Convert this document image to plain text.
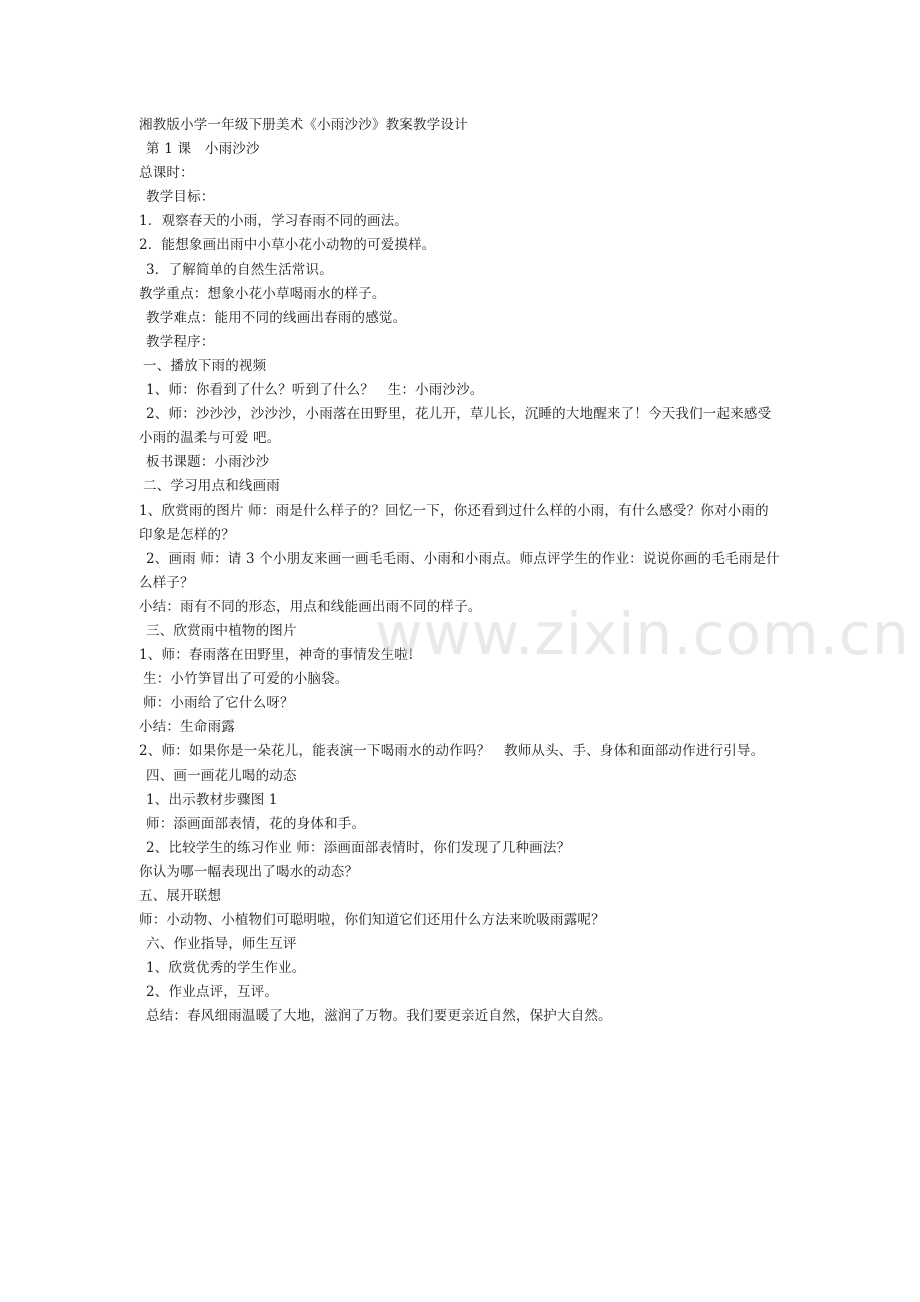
湘教版小学一年级下册美术《小雨沙沙》教案教学设计

第 1 课　小雨沙沙

总课时：

教学目标：

1．观察春天的小雨，学习春雨不同的画法。

2．能想象画出雨中小草小花小动物的可爱摸样。

3．了解简单的自然生活常识。

教学重点：想象小花小草喝雨水的样子。

教学难点：能用不同的线画出春雨的感觉。

教学程序：

一、播放下雨的视频

1、师：你看到了什么？听到了什么？　生：小雨沙沙。

2、师：沙沙沙，沙沙沙，小雨落在田野里，花儿开，草儿长，沉睡的大地醒来了！今天我们一起来感受

小雨的温柔与可爱 吧。

板书课题：小雨沙沙

二、学习用点和线画雨

1、欣赏雨的图片 师：雨是什么样子的？回忆一下，你还看到过什么样的小雨，有什么感受？你对小雨的

印象是怎样的？

2、画雨 师：请 3 个小朋友来画一画毛毛雨、小雨和小雨点。师点评学生的作业：说说你画的毛毛雨是什

么样子？

小结：雨有不同的形态，用点和线能画出雨不同的样子。

三、欣赏雨中植物的图片

1、师：春雨落在田野里，神奇的事情发生啦!

生：小竹笋冒出了可爱的小脑袋。

师：小雨给了它什么呀？

小结：生命雨露

2、师：如果你是一朵花儿，能表演一下喝雨水的动作吗？　教师从头、手、身体和面部动作进行引导。

四、画一画花儿喝的动态

1、出示教材步骤图 1

师：添画面部表情，花的身体和手。

2、比较学生的练习作业 师：添画面部表情时，你们发现了几种画法？

你认为哪一幅表现出了喝水的动态？

五、展开联想

师：小动物、小植物们可聪明啦，你们知道它们还用什么方法来吮吸雨露呢？

六、作业指导，师生互评

1、欣赏优秀的学生作业。

2、作业点评，互评。

总结：春风细雨温暖了大地，滋润了万物。我们要更亲近自然，保护大自然。

www.zixin.com.cn
